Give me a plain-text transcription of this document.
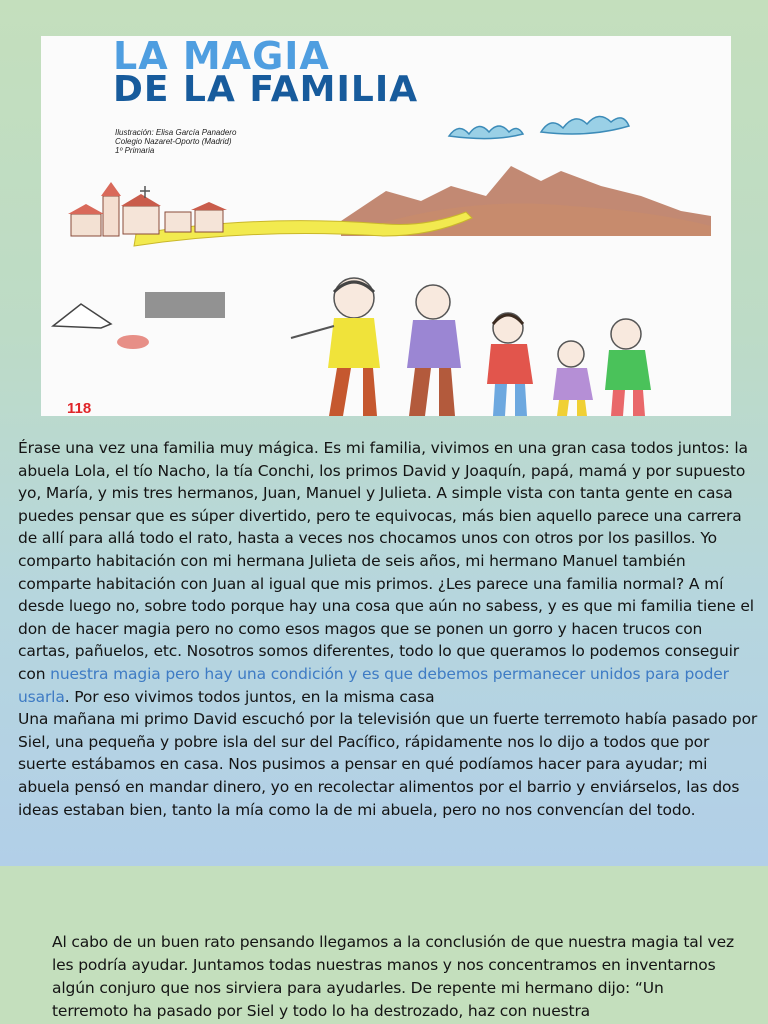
LA MAGIA
DE LA FAMILIA
Ilustración: Elisa García Panadero
Colegio Nazaret-Oporto (Madrid)
1º Primaria
118

Érase una vez una familia muy mágica. Es mi familia, vivimos en una gran casa todos juntos: la abuela Lola, el tío Nacho, la tía Conchi, los primos David y Joaquín, papá, mamá y por supuesto yo, María, y mis tres hermanos, Juan, Manuel y Julieta. A simple vista con tanta gente en casa puedes pensar que es súper divertido, pero te equivocas, más bien aquello parece una carrera de allí para allá todo el rato, hasta a veces nos chocamos unos con otros por los pasillos. Yo comparto habitación con mi hermana Julieta de seis años, mi hermano Manuel también comparte habitación con Juan al igual que mis primos. ¿Les parece una familia normal? A mí desde luego no, sobre todo porque hay una cosa que aún no sabess, y es que mi familia tiene el don de hacer magia pero no como esos magos que se ponen un gorro y hacen trucos con cartas, pañuelos, etc. Nosotros somos diferentes, todo lo que queramos lo podemos conseguir con nuestra magia pero hay una condición y es que debemos permanecer unidos para poder usarla. Por eso vivimos todos juntos, en la misma casa
Una mañana mi primo David escuchó por la televisión que un fuerte terremoto había pasado por Siel, una pequeña y pobre isla del sur del Pacífico, rápidamente nos lo dijo a todos que por suerte estábamos en casa. Nos pusimos a pensar en qué podíamos hacer para ayudar; mi abuela pensó en mandar dinero, yo en recolectar alimentos por el barrio y enviárselos, las dos ideas estaban bien, tanto la mía como la de mi abuela, pero no nos convencían del todo.

Al cabo de un buen rato pensando llegamos a la conclusión de que nuestra magia tal vez les podría ayudar. Juntamos todas nuestras manos y nos concentramos en inventarnos algún conjuro que nos sirviera para ayudarles. De repente mi hermano dijo: “Un terremoto ha pasado por Siel y todo lo ha destrozado, haz con nuestra
